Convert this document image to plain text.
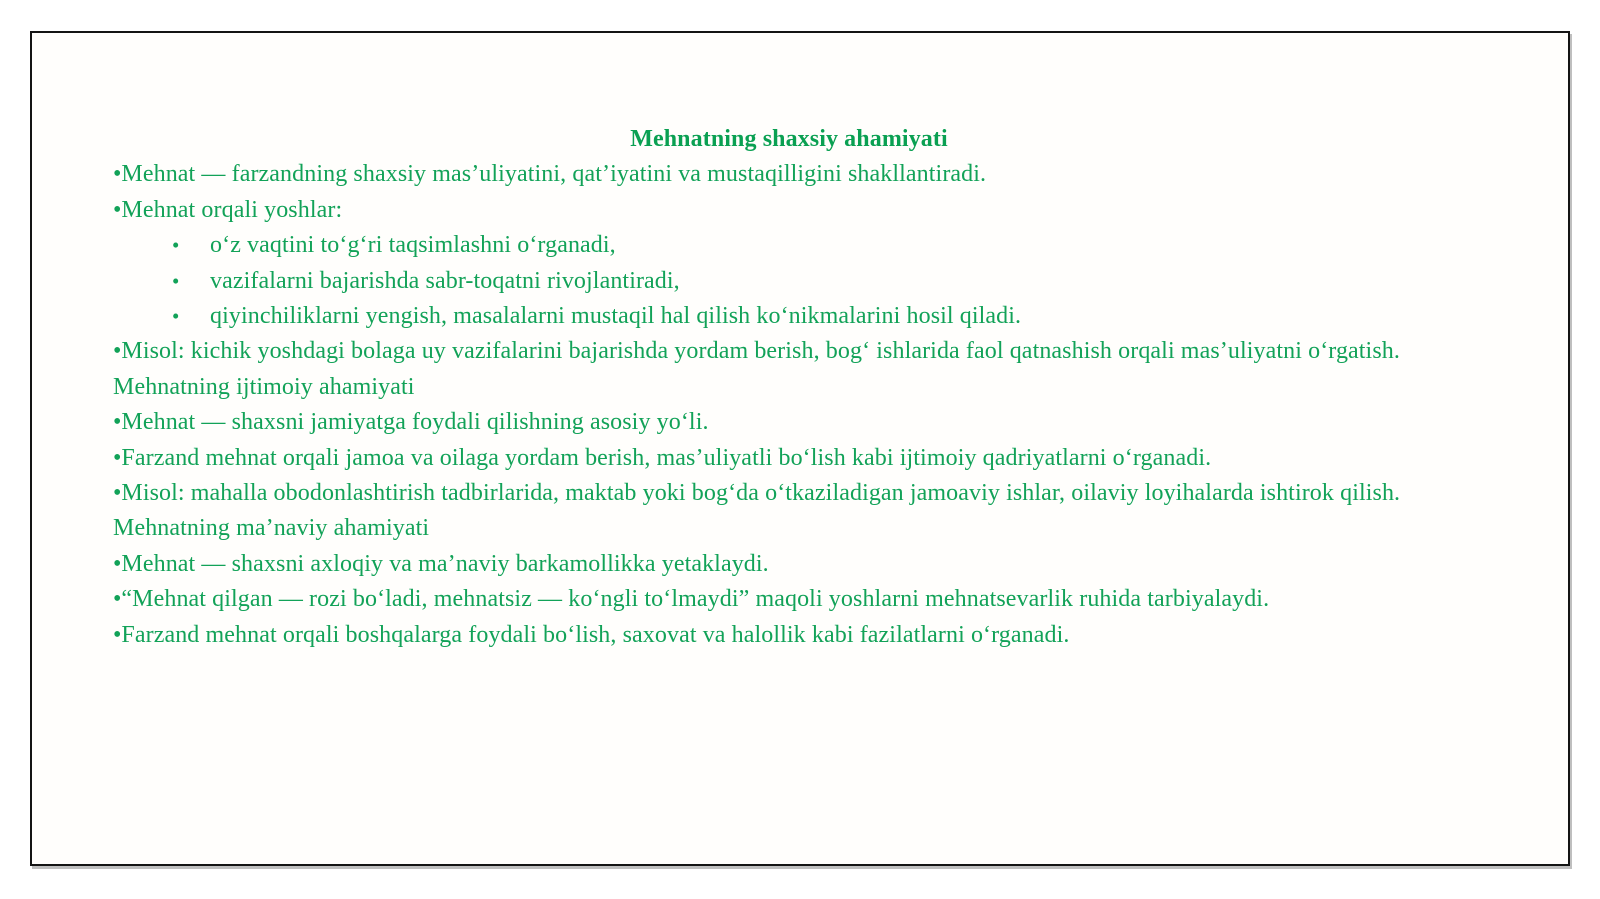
Mehnatning shaxsiy ahamiyati
•Mehnat — farzandning shaxsiy mas’uliyatini, qat’iyatini va mustaqilligini shakllantiradi.
•Mehnat orqali yoshlar:
• o‘z vaqtini to‘g‘ri taqsimlashni o‘rganadi,
• vazifalarni bajarishda sabr-toqatni rivojlantiradi,
• qiyinchiliklarni yengish, masalalarni mustaqil hal qilish ko‘nikmalarini hosil qiladi.
•Misol: kichik yoshdagi bolaga uy vazifalarini bajarishda yordam berish, bog‘ ishlarida faol qatnashish orqali mas’uliyatni o‘rgatish.
Mehnatning ijtimoiy ahamiyati
•Mehnat — shaxsni jamiyatga foydali qilishning asosiy yo‘li.
•Farzand mehnat orqali jamoa va oilaga yordam berish, mas’uliyatli bo‘lish kabi ijtimoiy qadriyatlarni o‘rganadi.
•Misol: mahalla obodonlashtirish tadbirlarida, maktab yoki bog‘da o‘tkaziladigan jamoaviy ishlar, oilaviy loyihalarda ishtirok qilish.
Mehnatning ma’naviy ahamiyati
•Mehnat — shaxsni axloqiy va ma’naviy barkamollikka yetaklaydi.
•“Mehnat qilgan — rozi bo‘ladi, mehnatsiz — ko‘ngli to‘lmaydi” maqoli yoshlarni mehnatsevarlik ruhida tarbiyalaydi.
•Farzand mehnat orqali boshqalarga foydali bo‘lish, saxovat va halollik kabi fazilatlarni o‘rganadi.
